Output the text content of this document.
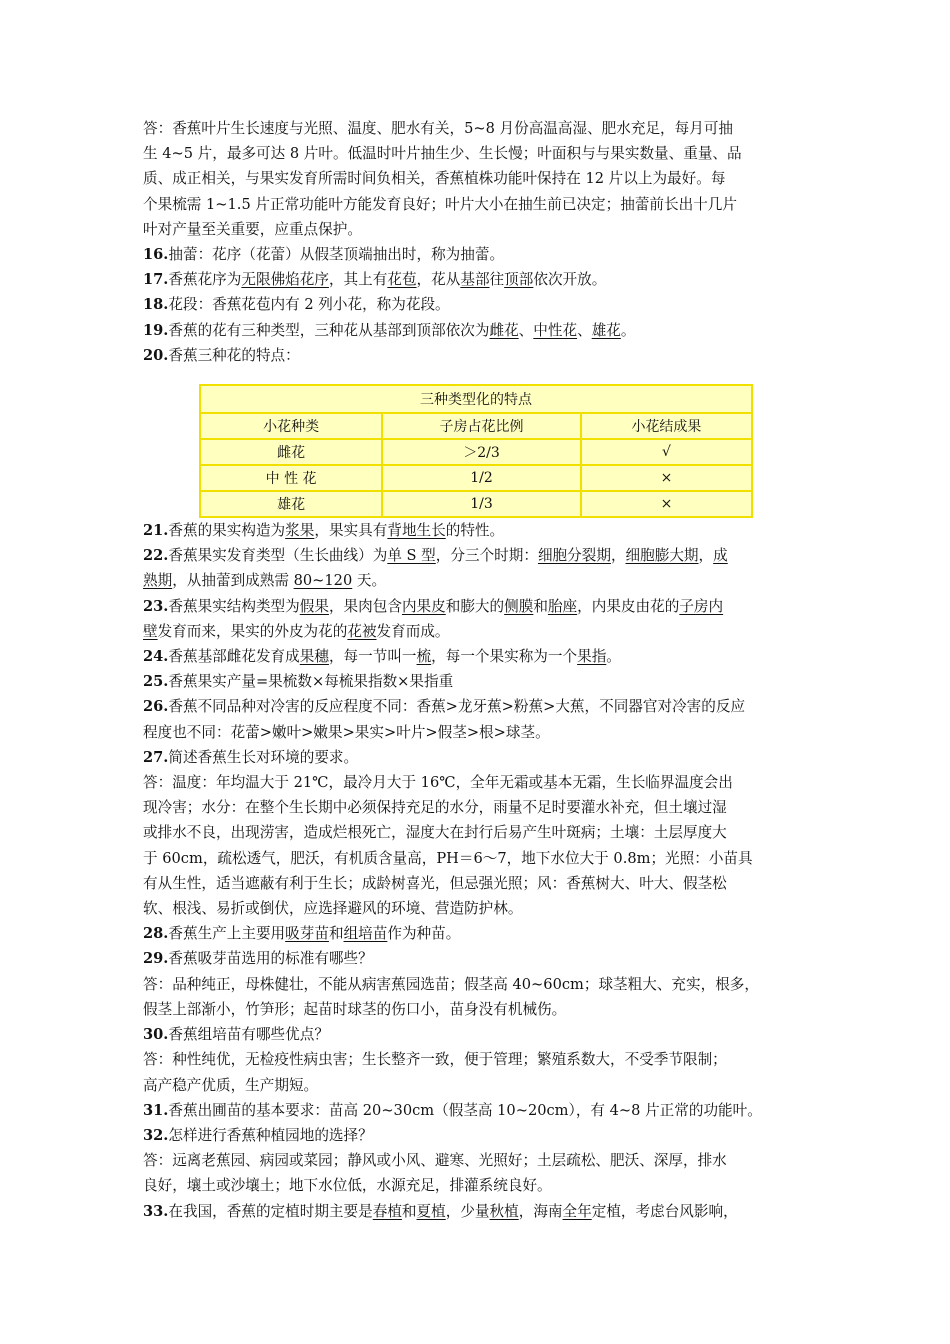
答：香蕉叶片生长速度与光照、温度、肥水有关，5~8 月份高温高湿、肥水充足，每月可抽
生 4~5 片，最多可达 8 片叶。低温时叶片抽生少、生长慢；叶面积与与果实数量、重量、品
质、成正相关，与果实发育所需时间负相关，香蕉植株功能叶保持在 12 片以上为最好。每
个果梳需 1~1.5 片正常功能叶方能发育良好；叶片大小在抽生前已决定；抽蕾前长出十几片
叶对产量至关重要，应重点保护。
16.抽蕾：花序（花蕾）从假茎顶端抽出时，称为抽蕾。
17.香蕉花序为无限佛焰花序，其上有花苞，花从基部往顶部依次开放。
18.花段：香蕉花苞内有 2 列小花，称为花段。
19.香蕉的花有三种类型，三种花从基部到顶部依次为雌花、中性花、雄花。
20.香蕉三种花的特点：
三种类型化的特点		
小花种类	子房占花比例	小花结成果
雌花	＞2/3	√
中 性 花	1/2	×
雄花	1/3	×
21.香蕉的果实构造为浆果，果实具有背地生长的特性。
22.香蕉果实发育类型（生长曲线）为单 S 型，分三个时期：细胞分裂期，细胞膨大期，成
熟期，从抽蕾到成熟需 80~120 天。
23.香蕉果实结构类型为假果，果肉包含内果皮和膨大的侧膜和胎座，内果皮由花的子房内
壁发育而来，果实的外皮为花的花被发育而成。
24.香蕉基部雌花发育成果穗，每一节叫一梳，每一个果实称为一个果指。
25.香蕉果实产量=果梳数×每梳果指数×果指重
26.香蕉不同品种对冷害的反应程度不同：香蕉>龙牙蕉>粉蕉>大蕉，不同器官对冷害的反应
程度也不同：花蕾>嫩叶>嫩果>果实>叶片>假茎>根>球茎。
27.简述香蕉生长对环境的要求。
答：温度：年均温大于 21℃，最冷月大于 16℃，全年无霜或基本无霜，生长临界温度会出
现冷害；水分：在整个生长期中必须保持充足的水分，雨量不足时要灌水补充，但土壤过湿
或排水不良，出现涝害，造成烂根死亡，湿度大在封行后易产生叶斑病；土壤：土层厚度大
于 60cm，疏松透气，肥沃，有机质含量高，PH＝6～7，地下水位大于 0.8m；光照：小苗具
有从生性，适当遮蔽有利于生长；成龄树喜光，但忌强光照；风：香蕉树大、叶大、假茎松
软、根浅、易折或倒伏，应选择避风的环境、营造防护林。
28.香蕉生产上主要用吸芽苗和组培苗作为种苗。
29.香蕉吸芽苗选用的标准有哪些？
答：品种纯正，母株健壮，不能从病害蕉园选苗；假茎高 40~60cm；球茎粗大、充实，根多，
假茎上部渐小，竹笋形；起苗时球茎的伤口小，苗身没有机械伤。
30.香蕉组培苗有哪些优点？
答：种性纯优，无检疫性病虫害；生长整齐一致，便于管理；繁殖系数大，不受季节限制；
高产稳产优质，生产期短。
31.香蕉出圃苗的基本要求：苗高 20~30cm（假茎高 10~20cm），有 4~8 片正常的功能叶。
32.怎样进行香蕉种植园地的选择？
答：远离老蕉园、病园或菜园；静风或小风、避寒、光照好；土层疏松、肥沃、深厚，排水
良好，壤土或沙壤土；地下水位低，水源充足，排灌系统良好。
33.在我国，香蕉的定植时期主要是春植和夏植，少量秋植，海南全年定植，考虑台风影响，
